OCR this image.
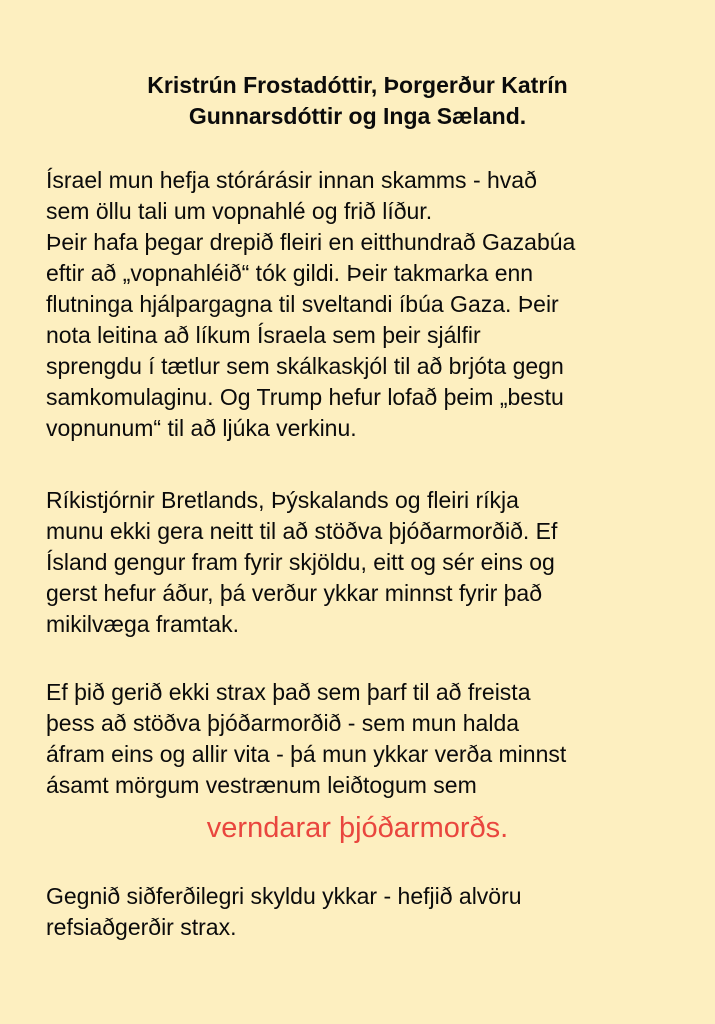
Kristrún Frostadóttir, Þorgerður Katrín
Gunnarsdóttir og Inga Sæland.
Ísrael mun hefja stórárásir innan skamms - hvað
sem öllu tali um vopnahlé og frið líður.
Þeir hafa þegar drepið fleiri en eitthundrað Gazabúa
eftir að „vopnahléið“ tók gildi. Þeir takmarka enn
flutninga hjálpargagna til sveltandi íbúa Gaza. Þeir
nota leitina að líkum Ísraela sem þeir sjálfir
sprengdu í tætlur sem skálkaskjól til að brjóta gegn
samkomulaginu. Og Trump hefur lofað þeim „bestu
vopnunum“ til að ljúka verkinu.
Ríkistjórnir Bretlands, Þýskalands og fleiri ríkja
munu ekki gera neitt til að stöðva þjóðarmorðið. Ef
Ísland gengur fram fyrir skjöldu, eitt og sér eins og
gerst hefur áður, þá verður ykkar minnst fyrir það
mikilvæga framtak.
Ef þið gerið ekki strax það sem þarf til að freista
þess að stöðva þjóðarmorðið - sem mun halda
áfram eins og allir vita - þá mun ykkar verða minnst
ásamt mörgum vestrænum leiðtogum sem

verndarar þjóðarmorðs.

Gegnið siðferðilegri skyldu ykkar - hefjið alvöru
refsiaðgerðir strax.
